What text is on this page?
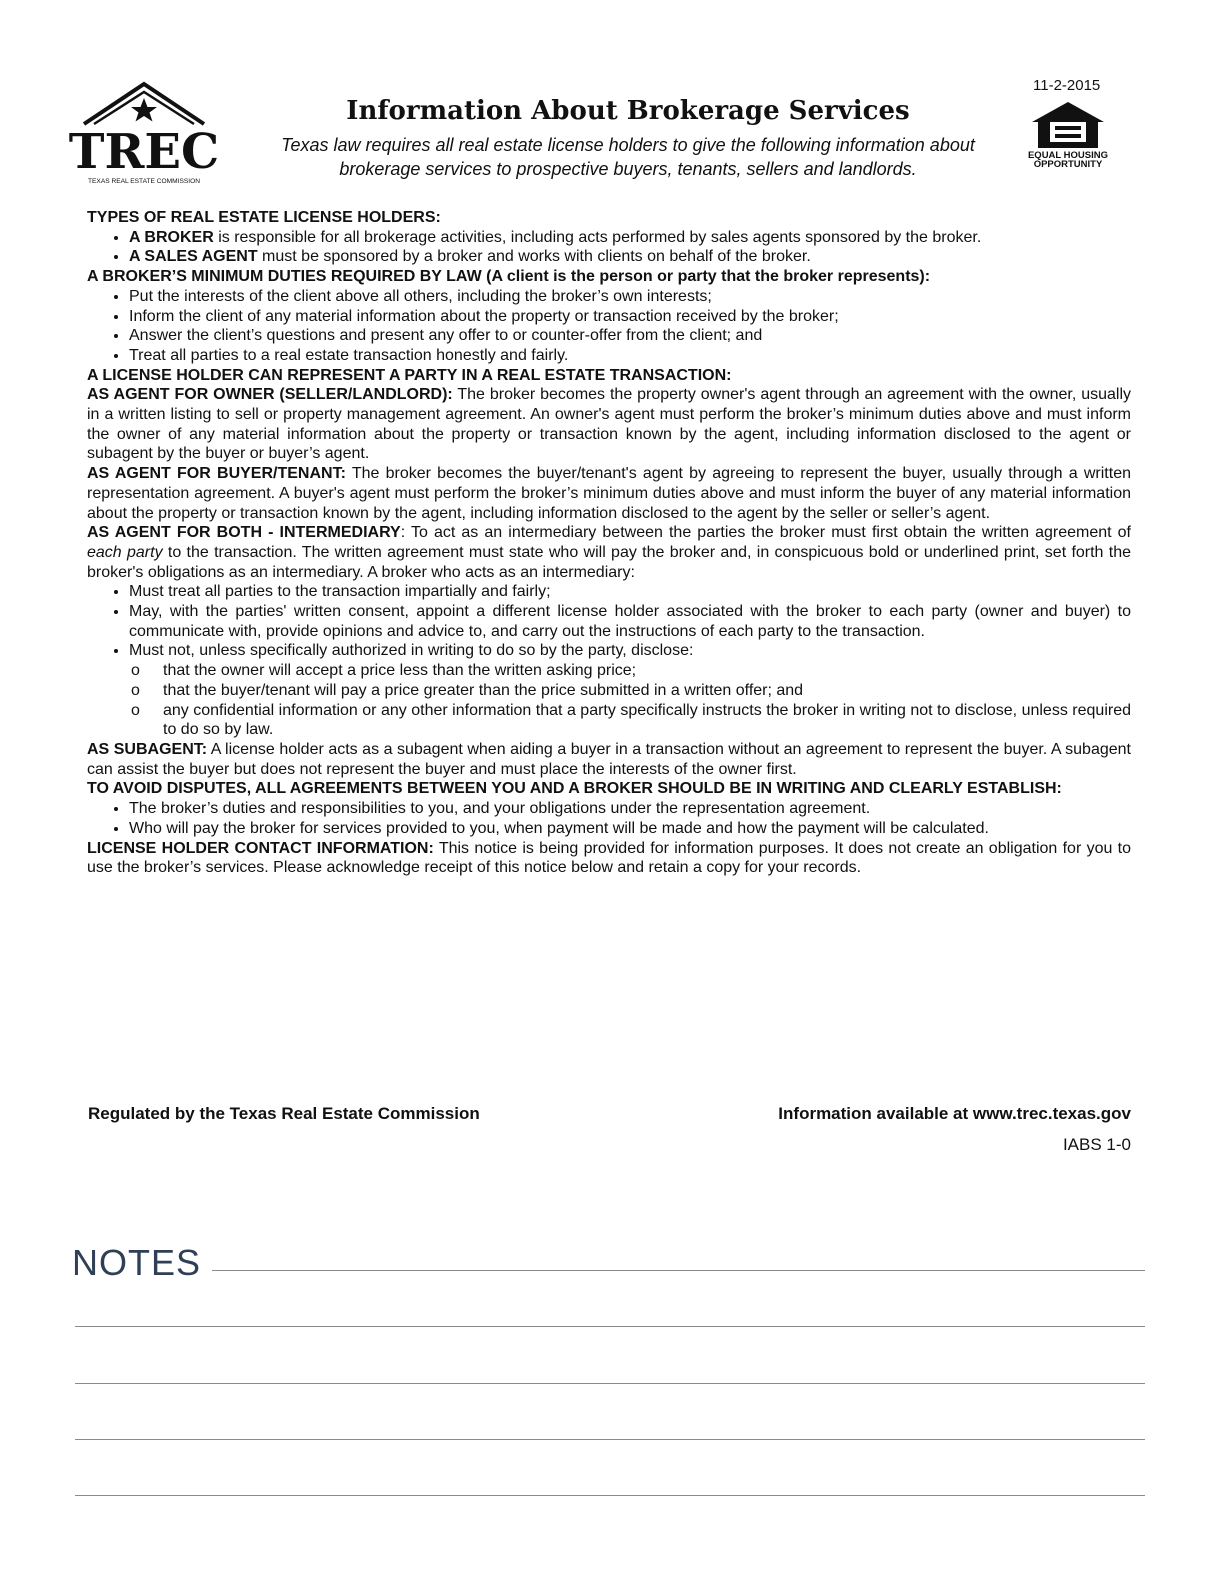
11-2-2015
TREC
TEXAS REAL ESTATE COMMISSION
Information About Brokerage Services
Texas law requires all real estate license holders to give the following information about brokerage services to prospective buyers, tenants, sellers and landlords.
EQUAL HOUSING
OPPORTUNITY

TYPES OF REAL ESTATE LICENSE HOLDERS:

• A BROKER is responsible for all brokerage activities, including acts performed by sales agents sponsored by the broker.
• A SALES AGENT must be sponsored by a broker and works with clients on behalf of the broker.

A BROKER’S MINIMUM DUTIES REQUIRED BY LAW (A client is the person or party that the broker represents):

• Put the interests of the client above all others, including the broker’s own interests;
• Inform the client of any material information about the property or transaction received by the broker;
• Answer the client’s questions and present any offer to or counter-offer from the client; and
• Treat all parties to a real estate transaction honestly and fairly.

A LICENSE HOLDER CAN REPRESENT A PARTY IN A REAL ESTATE TRANSACTION:

AS AGENT FOR OWNER (SELLER/LANDLORD): The broker becomes the property owner's agent through an agreement with the owner, usually in a written listing to sell or property management agreement. An owner's agent must perform the broker’s minimum duties above and must inform the owner of any material information about the property or transaction known by the agent, including information disclosed to the agent or subagent by the buyer or buyer’s agent.

AS AGENT FOR BUYER/TENANT: The broker becomes the buyer/tenant's agent by agreeing to represent the buyer, usually through a written representation agreement. A buyer's agent must perform the broker’s minimum duties above and must inform the buyer of any material information about the property or transaction known by the agent, including information disclosed to the agent by the seller or seller’s agent.

AS AGENT FOR BOTH - INTERMEDIARY: To act as an intermediary between the parties the broker must first obtain the written agreement of each party to the transaction. The written agreement must state who will pay the broker and, in conspicuous bold or underlined print, set forth the broker's obligations as an intermediary. A broker who acts as an intermediary:

• Must treat all parties to the transaction impartially and fairly;
• May, with the parties' written consent, appoint a different license holder associated with the broker to each party (owner and buyer) to communicate with, provide opinions and advice to, and carry out the instructions of each party to the transaction.
• Must not, unless specifically authorized in writing to do so by the party, disclose:
o that the owner will accept a price less than the written asking price;
o that the buyer/tenant will pay a price greater than the price submitted in a written offer; and
o any confidential information or any other information that a party specifically instructs the broker in writing not to disclose, unless required to do so by law.

AS SUBAGENT: A license holder acts as a subagent when aiding a buyer in a transaction without an agreement to represent the buyer. A subagent can assist the buyer but does not represent the buyer and must place the interests of the owner first.

TO AVOID DISPUTES, ALL AGREEMENTS BETWEEN YOU AND A BROKER SHOULD BE IN WRITING AND CLEARLY ESTABLISH:

• The broker’s duties and responsibilities to you, and your obligations under the representation agreement.
• Who will pay the broker for services provided to you, when payment will be made and how the payment will be calculated.

LICENSE HOLDER CONTACT INFORMATION: This notice is being provided for information purposes. It does not create an obligation for you to use the broker’s services. Please acknowledge receipt of this notice below and retain a copy for your records.

Regulated by the Texas Real Estate Commission	Information available at www.trec.texas.gov
IABS 1-0
NOTES
